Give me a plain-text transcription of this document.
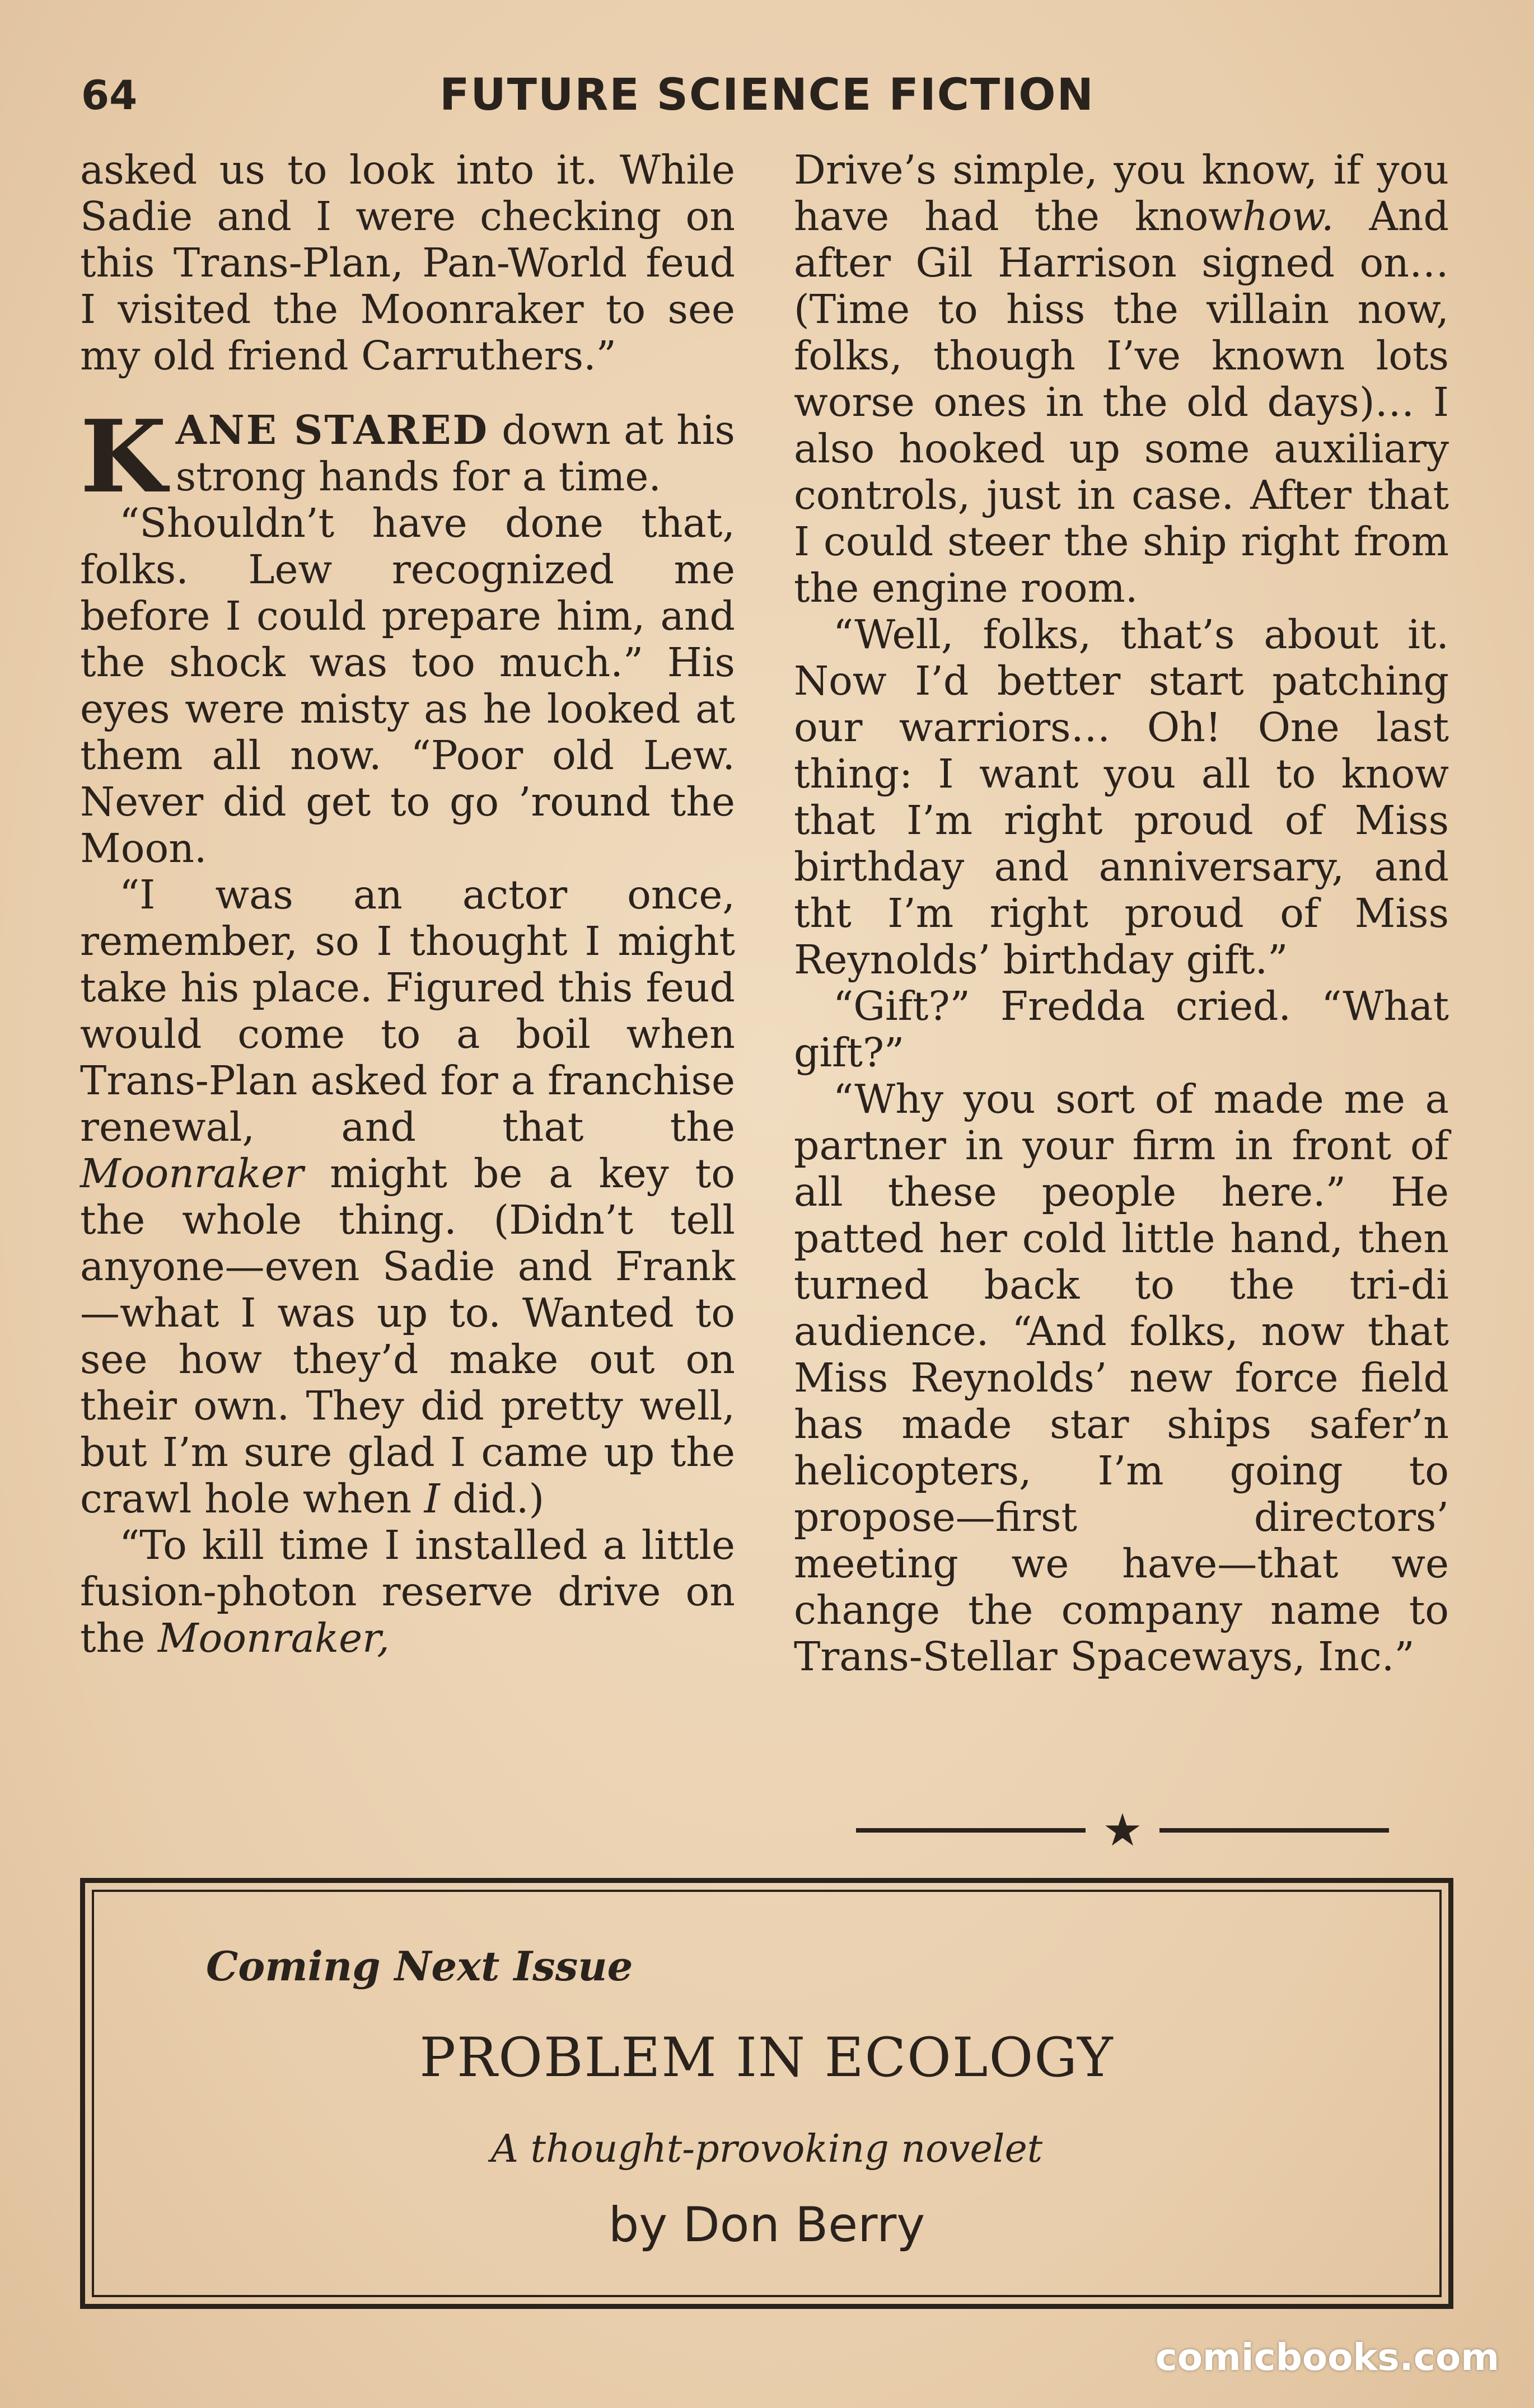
64	FUTURE SCIENCE FICTION

asked us to look into it. While Sadie and I were checking on this Trans-Plan, Pan-World feud I visited the Moonraker to see my old friend Carruthers.”

KANE STARED down at his strong hands for a time.

“Shouldn’t have done that, folks. Lew recognized me before I could prepare him, and the shock was too much.” His eyes were misty as he looked at them all now. “Poor old Lew. Never did get to go ’round the Moon.

“I was an actor once, remember, so I thought I might take his place. Figured this feud would come to a boil when Trans-Plan asked for a franchise renewal, and that the Moonraker might be a key to the whole thing. (Didn’t tell anyone—even Sadie and Frank—what I was up to. Wanted to see how they’d make out on their own. They did pretty well, but I’m sure glad I came up the crawl hole when I did.)

“To kill time I installed a little fusion-photon reserve drive on the Moonraker,

Drive’s simple, you know, if you have had the knowhow. And after Gil Harrison signed on… (Time to hiss the villain now, folks, though I’ve known lots worse ones in the old days)… I also hooked up some auxiliary controls, just in case. After that I could steer the ship right from the engine room.

“Well, folks, that’s about it. Now I’d better start patching our warriors… Oh! One last thing: I want you all to know that I’m right proud of Miss birthday and anniversary, and tht I’m right proud of Miss Reynolds’ birthday gift.”

“Gift?” Fredda cried. “What gift?”

“Why you sort of made me a partner in your firm in front of all these people here.” He patted her cold little hand, then turned back to the tri-di audience. “And folks, now that Miss Reynolds’ new force field has made star ships safer’n helicopters, I’m going to propose—first directors’ meeting we have—that we change the company name to Trans-Stellar Spaceways, Inc.”

★
Coming Next Issue
PROBLEM IN ECOLOGY
A thought-provoking novelet
by Don Berry
comicbooks.com
